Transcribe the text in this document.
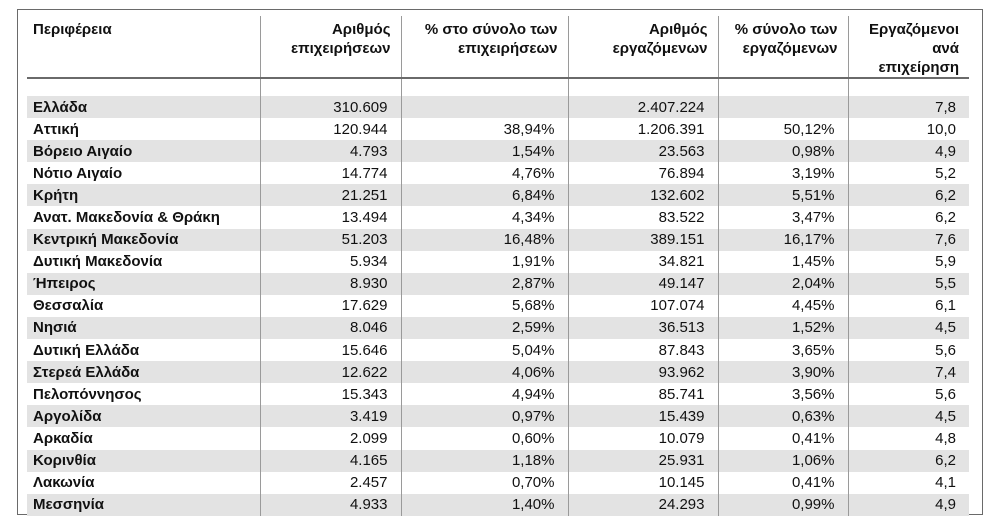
Περιφέρεια	Αριθμός επιχειρήσεων	% στο σύνολο των επιχειρήσεων	Αριθμός εργαζόμενων	% σύνολο των εργαζόμενων	Εργαζόμενοι ανά επιχείρηση

Ελλάδα	310.609		2.407.224		7,8
Αττική	120.944	38,94%	1.206.391	50,12%	10,0
Βόρειο Αιγαίο	4.793	1,54%	23.563	0,98%	4,9
Νότιο Αιγαίο	14.774	4,76%	76.894	3,19%	5,2
Κρήτη	21.251	6,84%	132.602	5,51%	6,2
Ανατ. Μακεδονία & Θράκη	13.494	4,34%	83.522	3,47%	6,2
Κεντρική Μακεδονία	51.203	16,48%	389.151	16,17%	7,6
Δυτική Μακεδονία	5.934	1,91%	34.821	1,45%	5,9
Ήπειρος	8.930	2,87%	49.147	2,04%	5,5
Θεσσαλία	17.629	5,68%	107.074	4,45%	6,1
Νησιά	8.046	2,59%	36.513	1,52%	4,5
Δυτική Ελλάδα	15.646	5,04%	87.843	3,65%	5,6
Στερεά Ελλάδα	12.622	4,06%	93.962	3,90%	7,4
Πελοπόννησος	15.343	4,94%	85.741	3,56%	5,6
Αργολίδα	3.419	0,97%	15.439	0,63%	4,5
Αρκαδία	2.099	0,60%	10.079	0,41%	4,8
Κορινθία	4.165	1,18%	25.931	1,06%	6,2
Λακωνία	2.457	0,70%	10.145	0,41%	4,1
Μεσσηνία	4.933	1,40%	24.293	0,99%	4,9
